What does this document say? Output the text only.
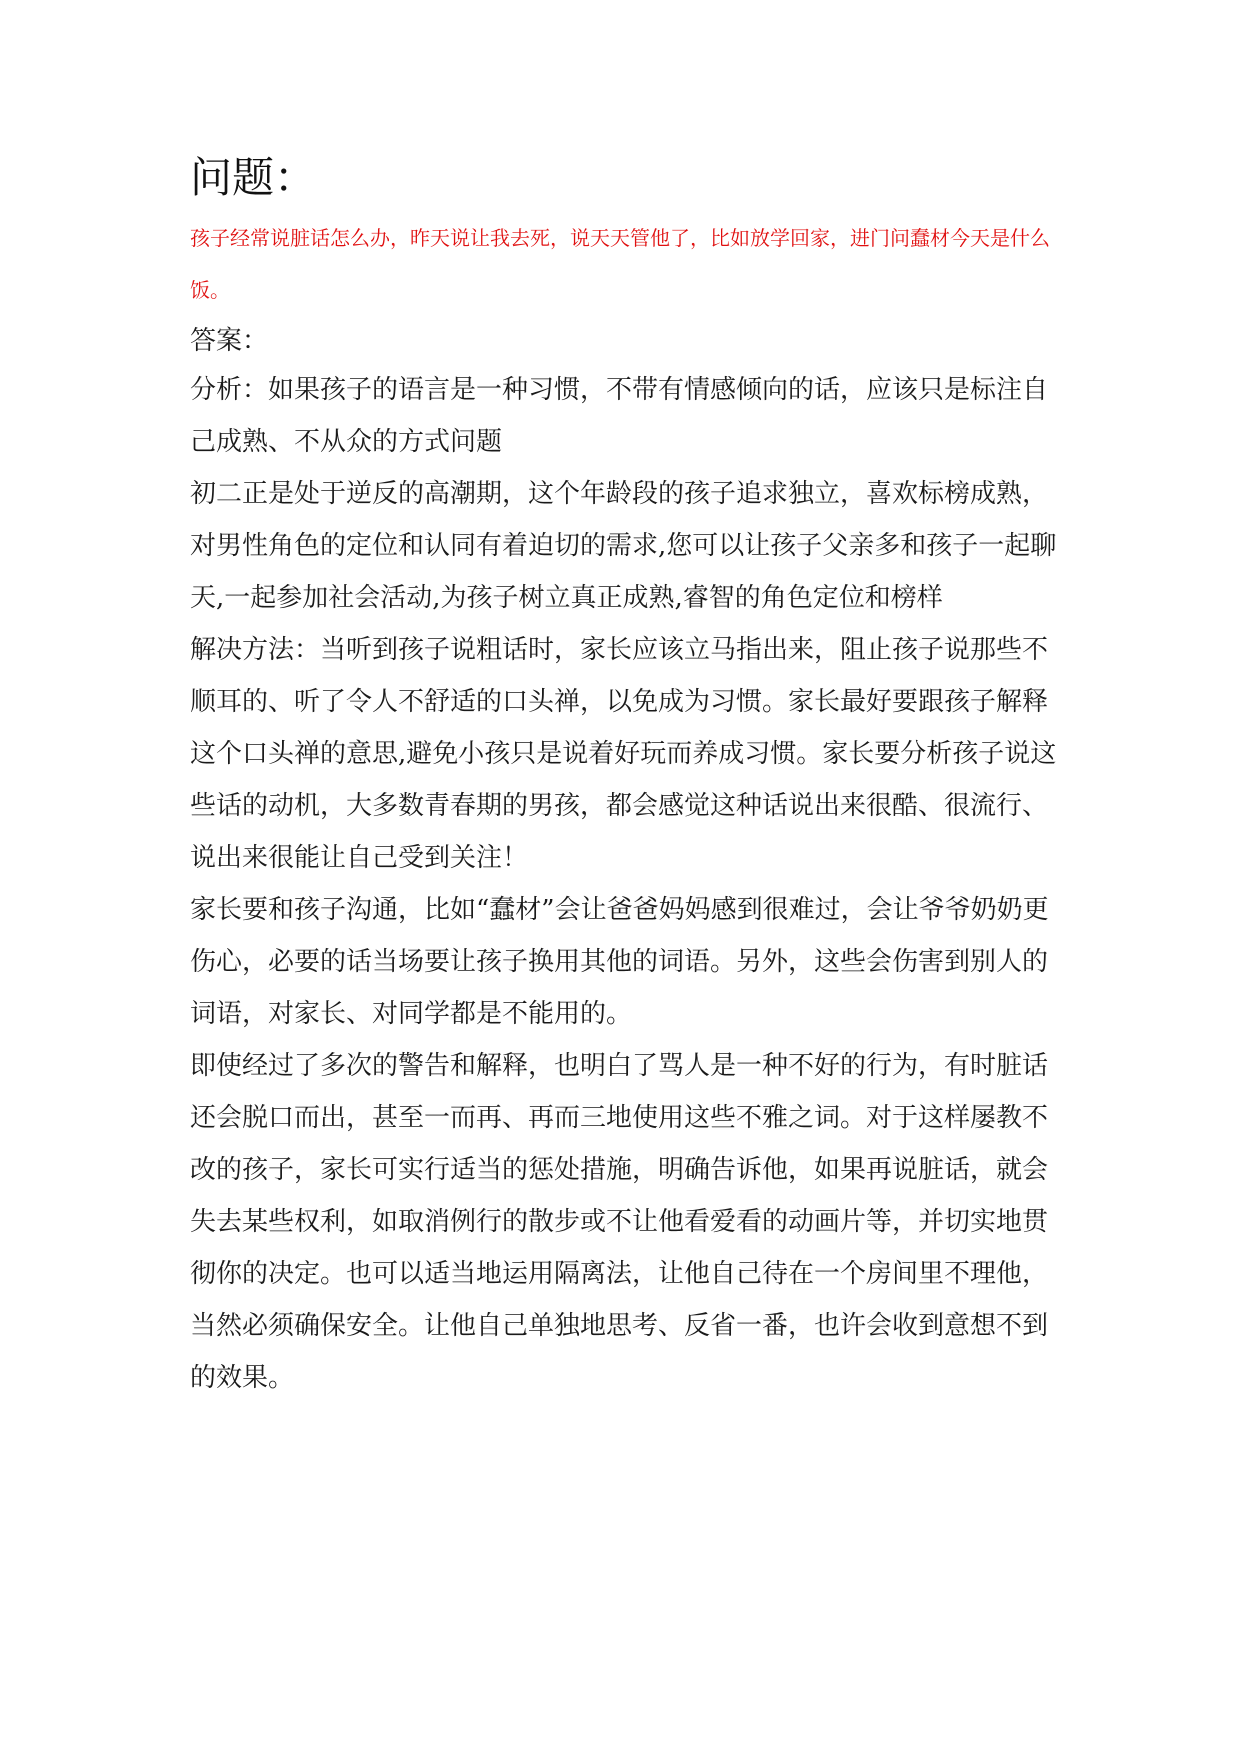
问题：
孩子经常说脏话怎么办，昨天说让我去死，说天天管他了，比如放学回家，进门问蠢材今天是什么饭。
答案：
分析：如果孩子的语言是一种习惯，不带有情感倾向的话，应该只是标注自己成熟、不从众的方式问题
初二正是处于逆反的高潮期，这个年龄段的孩子追求独立，喜欢标榜成熟，对男性角色的定位和认同有着迫切的需求,您可以让孩子父亲多和孩子一起聊天,一起参加社会活动,为孩子树立真正成熟,睿智的角色定位和榜样
解决方法：当听到孩子说粗话时，家长应该立马指出来，阻止孩子说那些不顺耳的、听了令人不舒适的口头禅，以免成为习惯。家长最好要跟孩子解释这个口头禅的意思,避免小孩只是说着好玩而养成习惯。家长要分析孩子说这些话的动机，大多数青春期的男孩，都会感觉这种话说出来很酷、很流行、说出来很能让自己受到关注！
家长要和孩子沟通，比如“蠢材”会让爸爸妈妈感到很难过，会让爷爷奶奶更伤心，必要的话当场要让孩子换用其他的词语。另外，这些会伤害到别人的词语，对家长、对同学都是不能用的。
即使经过了多次的警告和解释，也明白了骂人是一种不好的行为，有时脏话还会脱口而出，甚至一而再、再而三地使用这些不雅之词。对于这样屡教不改的孩子，家长可实行适当的惩处措施，明确告诉他，如果再说脏话，就会失去某些权利，如取消例行的散步或不让他看爱看的动画片等，并切实地贯彻你的决定。也可以适当地运用隔离法，让他自己待在一个房间里不理他，当然必须确保安全。让他自己单独地思考、反省一番，也许会收到意想不到的效果。
